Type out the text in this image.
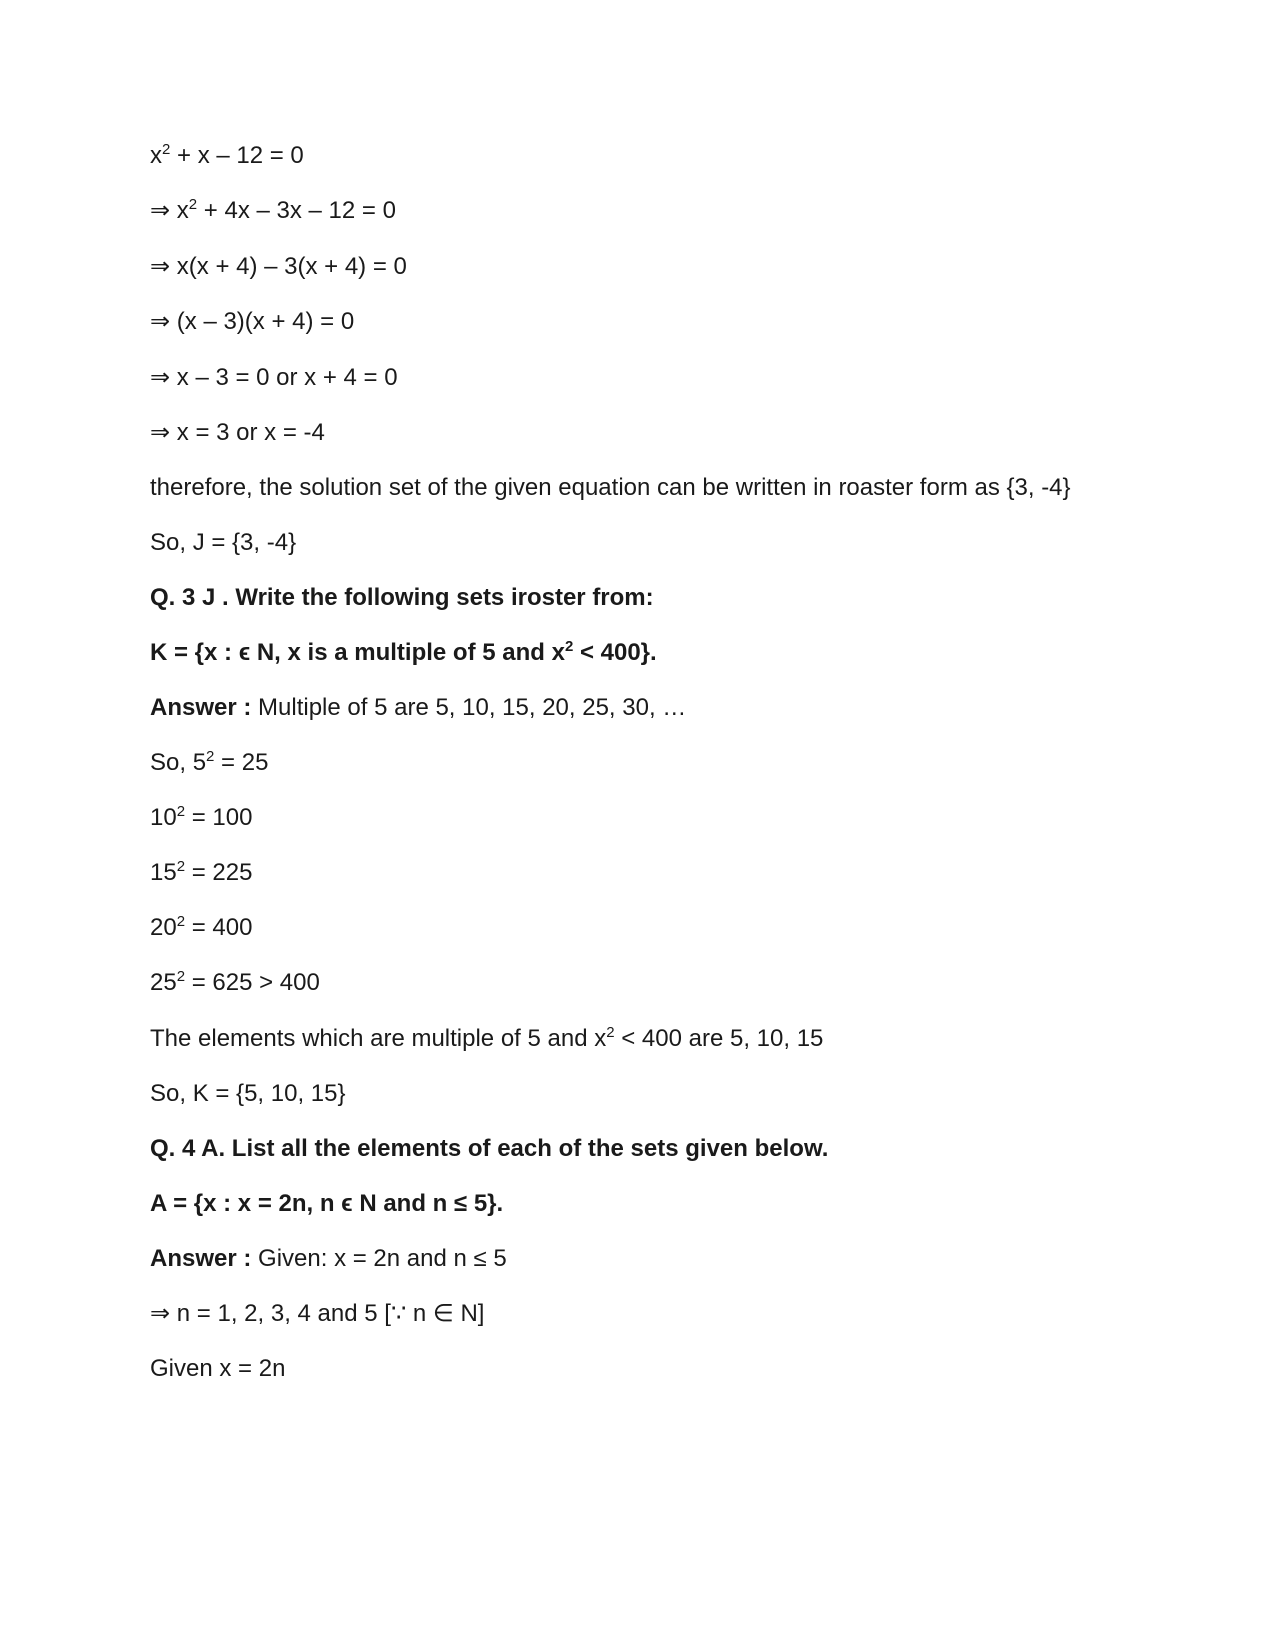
$x^2 + x - 12 = 0$
⇒ $x^2 + 4x - 3x - 12 = 0$
⇒ x(x + 4) – 3(x + 4) = 0
⇒ (x – 3)(x + 4) = 0
⇒ x – 3 = 0 or x + 4 = 0
⇒ x = 3 or x = -4
therefore, the solution set of the given equation can be written in roaster form as {3, -4}
So, J = {3, -4}
Q. 3 J . Write the following sets iroster from:
K = {x : ϵ N, x is a multiple of 5 and $x^2 < 400$}.
Answer : Multiple of 5 are 5, 10, 15, 20, 25, 30, …
So, $5^2 = 25$
$10^2 = 100$
$15^2 = 225$
$20^2 = 400$
$25^2 = 625 > 400$
The elements which are multiple of 5 and $x^2 < 400$ are 5, 10, 15
So, K = {5, 10, 15}
Q. 4 A. List all the elements of each of the sets given below.
A = {x : x = 2n, n ϵ N and n ≤ 5}.
Answer : Given: x = 2n and n ≤ 5
⇒ n = 1, 2, 3, 4 and 5 [∵ n ∈ N]
Given x = 2n
